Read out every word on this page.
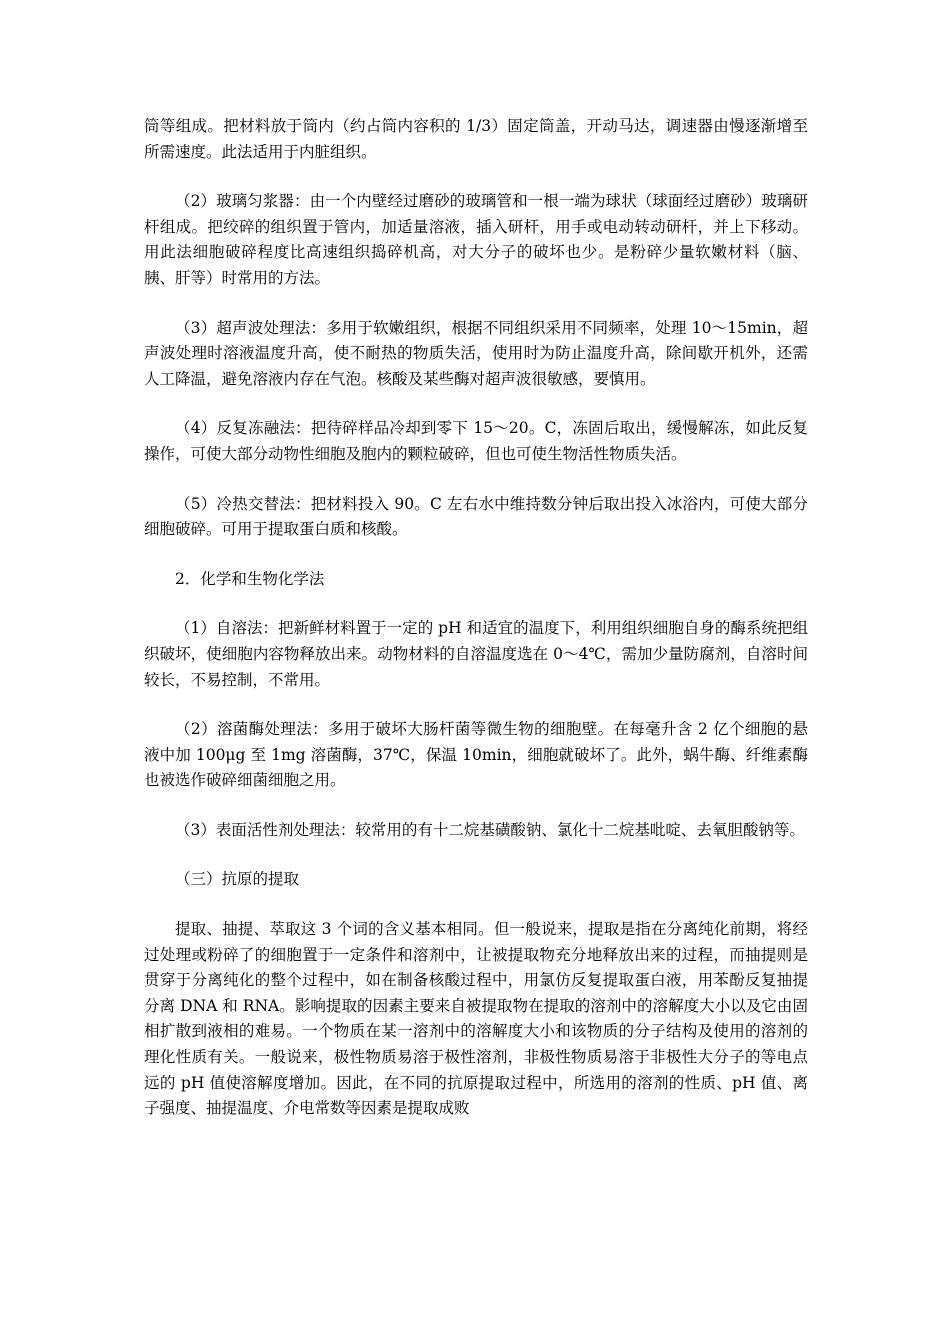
筒等组成。把材料放于筒内（约占筒内容积的 1/3）固定筒盖，开动马达，调速器由慢逐渐增至所需速度。此法适用于内脏组织。

（2）玻璃匀浆器：由一个内壁经过磨砂的玻璃管和一根一端为球状（球面经过磨砂）玻璃研杆组成。把绞碎的组织置于管内，加适量溶液，插入研杆，用手或电动转动研杆，并上下移动。用此法细胞破碎程度比高速组织捣碎机高，对大分子的破坏也少。是粉碎少量软嫩材料（脑、胰、肝等）时常用的方法。

（3）超声波处理法：多用于软嫩组织，根据不同组织采用不同频率，处理 10～15min，超声波处理时溶液温度升高，使不耐热的物质失活，使用时为防止温度升高，除间歇开机外，还需人工降温，避免溶液内存在气泡。核酸及某些酶对超声波很敏感，要慎用。

（4）反复冻融法：把待碎样品冷却到零下 15～20。C，冻固后取出，缓慢解冻，如此反复操作，可使大部分动物性细胞及胞内的颗粒破碎，但也可使生物活性物质失活。

（5）冷热交替法：把材料投入 90。C 左右水中维持数分钟后取出投入冰浴内，可使大部分细胞破碎。可用于提取蛋白质和核酸。

2．化学和生物化学法

（1）自溶法：把新鲜材料置于一定的 pH 和适宜的温度下，利用组织细胞自身的酶系统把组织破坏，使细胞内容物释放出来。动物材料的自溶温度选在 0～4℃，需加少量防腐剂，自溶时间较长，不易控制，不常用。

（2）溶菌酶处理法：多用于破坏大肠杆菌等微生物的细胞壁。在每毫升含 2 亿个细胞的悬液中加 100μg 至 1mg 溶菌酶，37℃，保温 10min，细胞就破坏了。此外，蜗牛酶、纤维素酶也被选作破碎细菌细胞之用。

（3）表面活性剂处理法：较常用的有十二烷基磺酸钠、氯化十二烷基吡啶、去氧胆酸钠等。

（三）抗原的提取

提取、抽提、萃取这 3 个词的含义基本相同。但一般说来，提取是指在分离纯化前期，将经过处理或粉碎了的细胞置于一定条件和溶剂中，让被提取物充分地释放出来的过程，而抽提则是贯穿于分离纯化的整个过程中，如在制备核酸过程中，用氯仿反复提取蛋白液，用苯酚反复抽提分离 DNA 和 RNA。影响提取的因素主要来自被提取物在提取的溶剂中的溶解度大小以及它由固相扩散到液相的难易。一个物质在某一溶剂中的溶解度大小和该物质的分子结构及使用的溶剂的理化性质有关。一般说来，极性物质易溶于极性溶剂，非极性物质易溶于非极性大分子的等电点远的 pH 值使溶解度增加。因此，在不同的抗原提取过程中，所选用的溶剂的性质、pH 值、离子强度、抽提温度、介电常数等因素是提取成败
